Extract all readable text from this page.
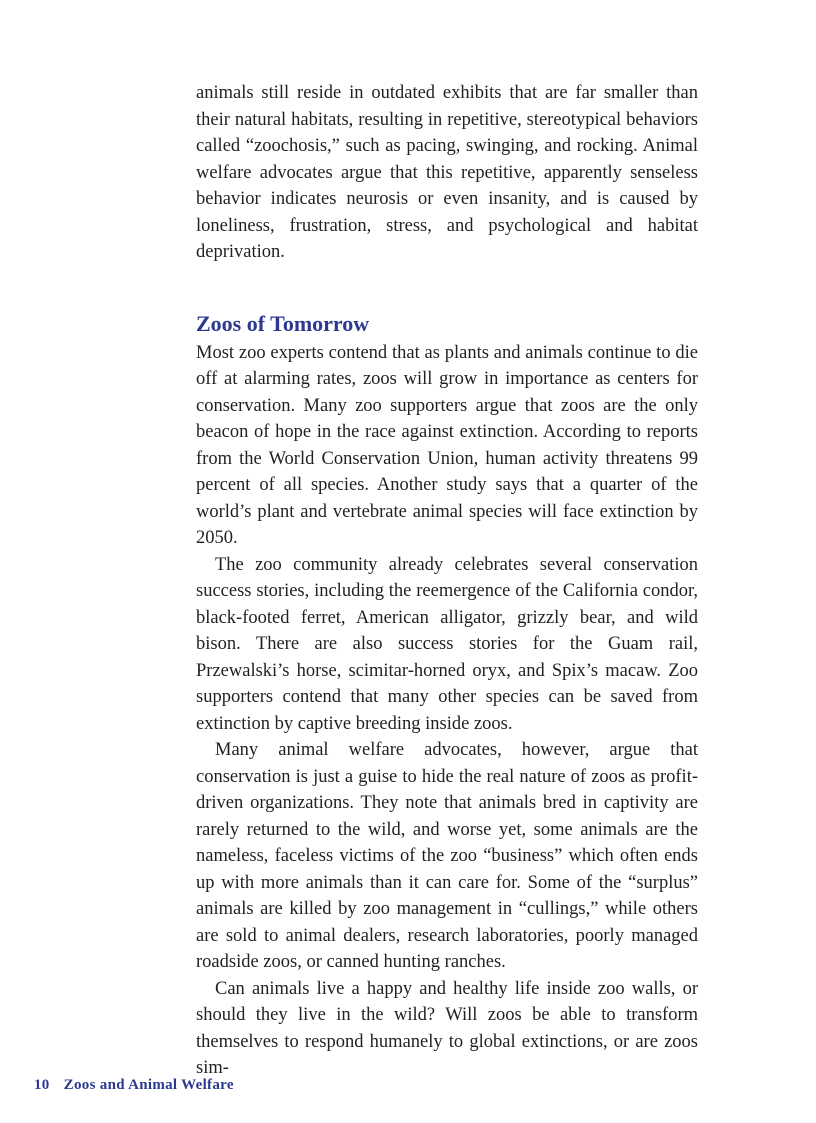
animals still reside in outdated exhibits that are far smaller than their natural habitats, resulting in repetitive, stereotypical behaviors called “zoochosis,” such as pacing, swinging, and rocking. Animal welfare advocates argue that this repetitive, apparently senseless behavior indicates neurosis or even insanity, and is caused by loneliness, frustration, stress, and psychological and habitat deprivation.

Zoos of Tomorrow

Most zoo experts contend that as plants and animals continue to die off at alarming rates, zoos will grow in importance as centers for conservation. Many zoo supporters argue that zoos are the only beacon of hope in the race against extinction. According to reports from the World Conservation Union, human activity threatens 99 percent of all species. Another study says that a quarter of the world’s plant and vertebrate animal species will face extinction by 2050.

The zoo community already celebrates several conservation success stories, including the reemergence of the California condor, black-footed ferret, American alligator, grizzly bear, and wild bison. There are also success stories for the Guam rail, Przewalski’s horse, scimitar-horned oryx, and Spix’s macaw. Zoo supporters contend that many other species can be saved from extinction by captive breeding inside zoos.

Many animal welfare advocates, however, argue that conservation is just a guise to hide the real nature of zoos as profit-driven organizations. They note that animals bred in captivity are rarely returned to the wild, and worse yet, some animals are the nameless, faceless victims of the zoo “business” which often ends up with more animals than it can care for. Some of the “surplus” animals are killed by zoo management in “cullings,” while others are sold to animal dealers, research laboratories, poorly managed roadside zoos, or canned hunting ranches.

Can animals live a happy and healthy life inside zoo walls, or should they live in the wild? Will zoos be able to transform themselves to respond humanely to global extinctions, or are zoos sim-

10 Zoos and Animal Welfare
